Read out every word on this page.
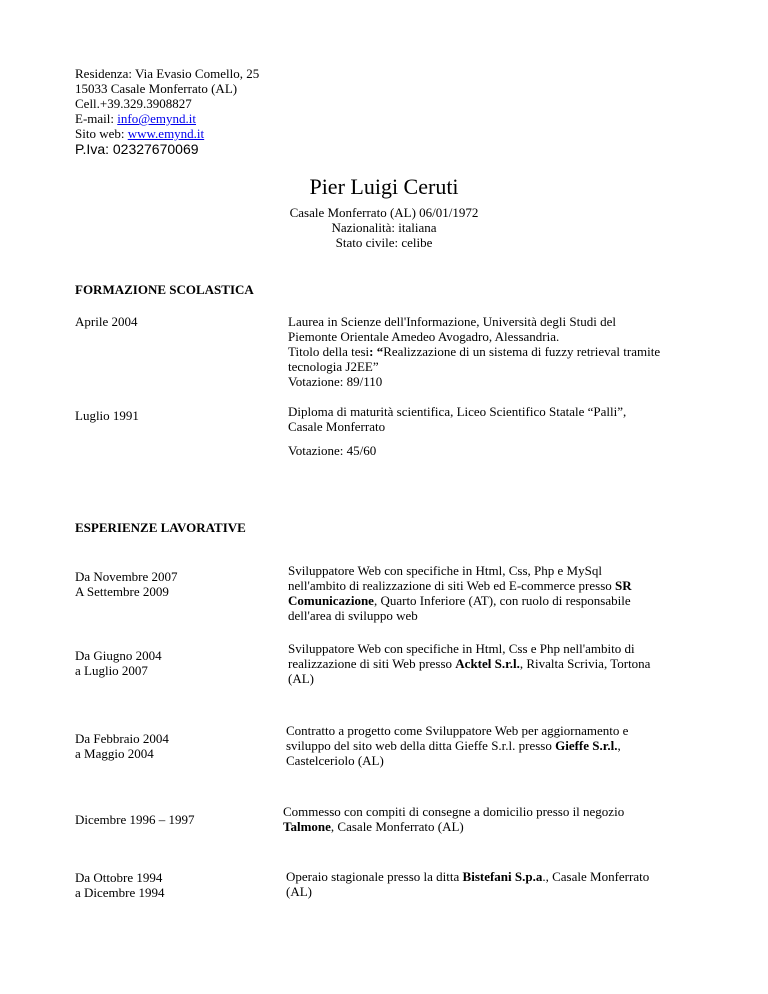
Residenza: Via Evasio Comello, 25
15033 Casale Monferrato (AL)
Cell.+39.329.3908827
E-mail: info@emynd.it
Sito web: www.emynd.it
P.Iva: 02327670069
Pier Luigi Ceruti
Casale Monferrato (AL) 06/01/1972
Nazionalità: italiana
Stato civile: celibe
FORMAZIONE SCOLASTICA
Aprile 2004	Laurea in Scienze dell'Informazione, Università degli Studi del
Piemonte Orientale Amedeo Avogadro, Alessandria.
Titolo della tesi: “Realizzazione di un sistema di fuzzy retrieval tramite
tecnologia J2EE”
Votazione: 89/110
Luglio 1991	Diploma di maturità scientifica, Liceo Scientifico Statale “Palli”,
Casale Monferrato
Votazione: 45/60
ESPERIENZE LAVORATIVE
Da Novembre 2007
A Settembre 2009
Sviluppatore Web con specifiche in Html, Css, Php e MySql
nell'ambito di realizzazione di siti Web ed E-commerce presso SR
Comunicazione, Quarto Inferiore (AT), con ruolo di responsabile
dell'area di sviluppo web
Da Giugno 2004
a Luglio 2007
Sviluppatore Web con specifiche in Html, Css e Php nell'ambito di
realizzazione di siti Web presso Acktel S.r.l., Rivalta Scrivia, Tortona
(AL)
Da Febbraio 2004
a Maggio 2004
Contratto a progetto come Sviluppatore Web per aggiornamento e
sviluppo del sito web della ditta Gieffe S.r.l. presso Gieffe S.r.l.,
Castelceriolo (AL)
Dicembre 1996 – 1997
Commesso con compiti di consegne a domicilio presso il negozio
Talmone, Casale Monferrato (AL)
Da Ottobre 1994
a Dicembre 1994
Operaio stagionale presso la ditta Bistefani S.p.a., Casale Monferrato
(AL)
